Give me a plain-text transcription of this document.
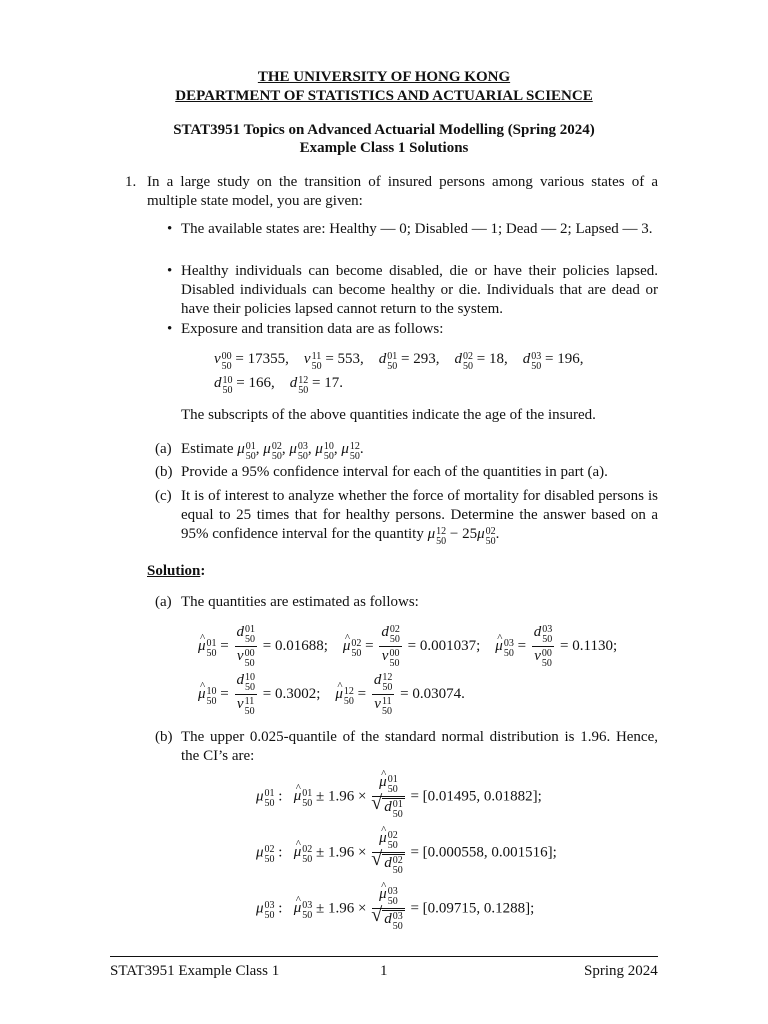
THE UNIVERSITY OF HONG KONG
DEPARTMENT OF STATISTICS AND ACTUARIAL SCIENCE
STAT3951 Topics on Advanced Actuarial Modelling (Spring 2024)
Example Class 1 Solutions
1. In a large study on the transition of insured persons among various states of a multiple state model, you are given:
• The available states are: Healthy — 0; Disabled — 1; Dead — 2; Lapsed — 3.
• Healthy individuals can become disabled, die or have their policies lapsed. Disabled individuals can become healthy or die. Individuals that are dead or have their policies lapsed cannot return to the system.
• Exposure and transition data are as follows:
v 00
50 = 17355,    v 11
50 = 553,    d 01
50 = 293,    d 02
50 = 18,    d 03
50 = 196,
d 10
50 = 166,    d 12
50 = 17.
The subscripts of the above quantities indicate the age of the insured.
(a) Estimate μ 01
50 , μ 02
50 , μ 03
50 , μ 10
50 , μ 12
50 .
(b) Provide a 95% confidence interval for each of the quantities in part (a).
(c) It is of interest to analyze whether the force of mortality for disabled persons is equal to 25 times that for healthy persons. Determine the answer based on a 95% confidence interval for the quantity μ 12
50 − 25μ 02
50 .
Solution:
(a) The quantities are estimated as follows:
μ ^ 01
50 = d 01
50
v 00
50 = 0.01688;    μ ^ 02
50 = d 02
50
v 00
50 = 0.001037;    μ ^ 03
50 = d 03
50
v 00
50 = 0.1130;
μ ^ 10
50 = d 10
50
v 11
50 = 0.3002;    μ ^ 12
50 = d 12
50
v 11
50 = 0.03074.
(b) The upper 0.025-quantile of the standard normal distribution is 1.96. Hence, the CI’s are:
μ 01
50 :   μ ^ 01
50 ± 1.96 × μ ^ 01
50
√ d 01
50 = [0.01495, 0.01882];
μ 02
50 :   μ ^ 02
50 ± 1.96 × μ ^ 02
50
√ d 02
50 = [0.000558, 0.001516];
μ 03
50 :   μ ^ 03
50 ± 1.96 × μ ^ 03
50
√ d 03
50 = [0.09715, 0.1288];
STAT3951 Example Class 1	1	Spring 2024
